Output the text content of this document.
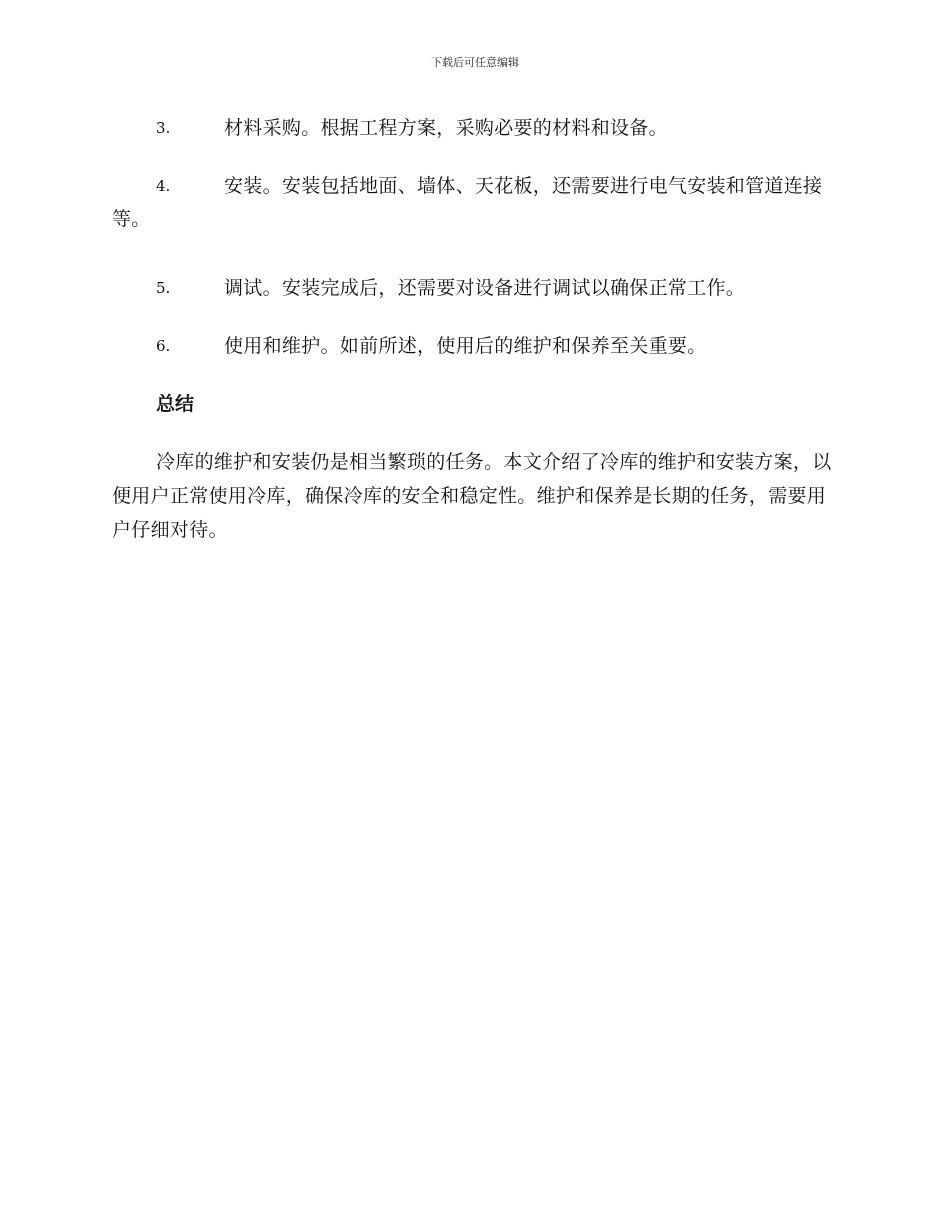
下载后可任意编辑
3.	材料采购。根据工程方案，采购必要的材料和设备。
4.	安装。安装包括地面、墙体、天花板，还需要进行电气安装和管道连接等。
5.	调试。安装完成后，还需要对设备进行调试以确保正常工作。
6.	使用和维护。如前所述，使用后的维护和保养至关重要。
总结
冷库的维护和安装仍是相当繁琐的任务。本文介绍了冷库的维护和安装方案，以便用户正常使用冷库，确保冷库的安全和稳定性。维护和保养是长期的任务，需要用户仔细对待。
